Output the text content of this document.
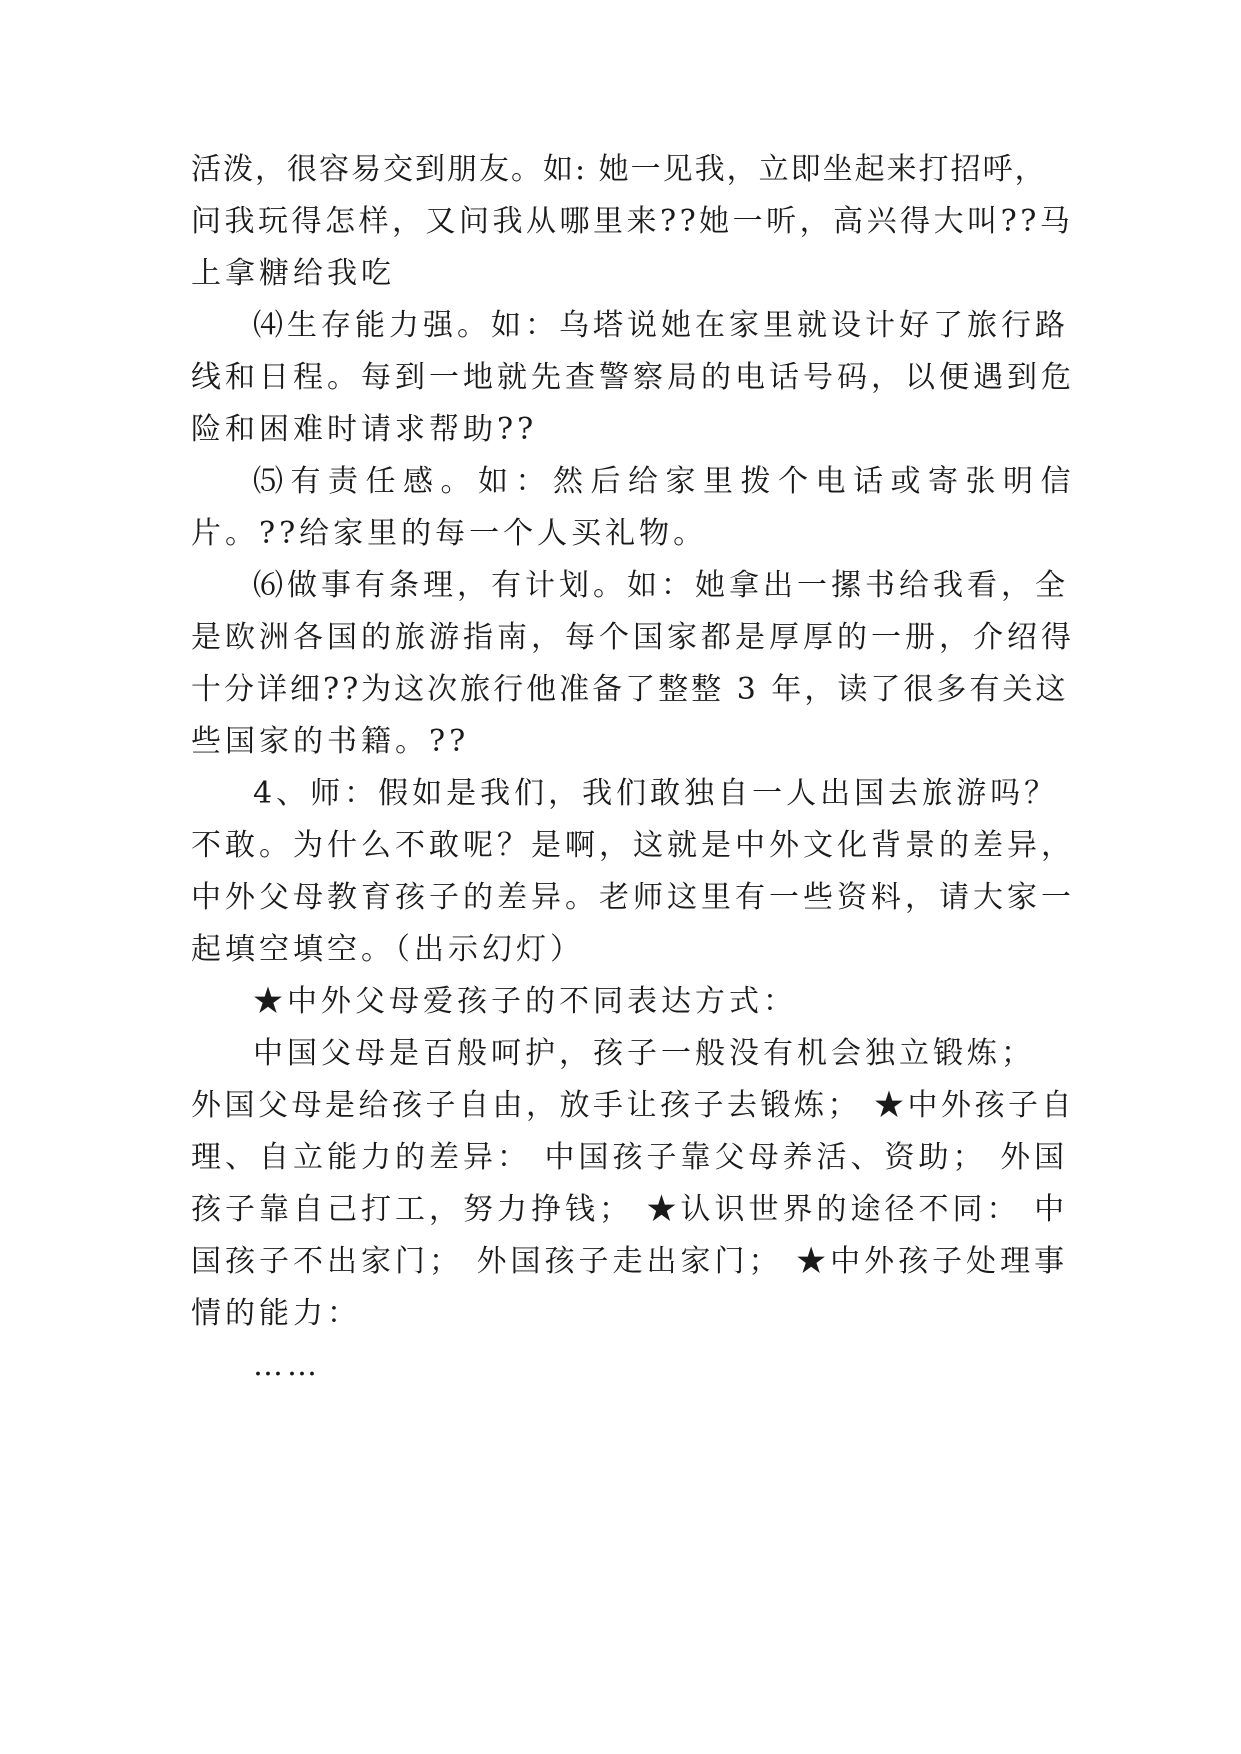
活泼，很容易交到朋友。如: 她一见我，立即坐起来打招呼，
问我玩得怎样，又问我从哪里来??她一听，高兴得大叫??马
上拿糖给我吃
⑷生存能力强。如：乌塔说她在家里就设计好了旅行路
线和日程。每到一地就先查警察局的电话号码，以便遇到危
险和困难时请求帮助??
⑸有责任感。如：然后给家里拨个电话或寄张明信
片。??给家里的每一个人买礼物。
⑹做事有条理，有计划。如：她拿出一摞书给我看，全
是欧洲各国的旅游指南，每个国家都是厚厚的一册，介绍得
十分详细??为这次旅行他准备了整整 3 年，读了很多有关这
些国家的书籍。??
4、师：假如是我们，我们敢独自一人出国去旅游吗？
不敢。为什么不敢呢？是啊，这就是中外文化背景的差异，
中外父母教育孩子的差异。老师这里有一些资料，请大家一
起填空填空。（出示幻灯）
★中外父母爱孩子的不同表达方式：
中国父母是百般呵护，孩子一般没有机会独立锻炼；
外国父母是给孩子自由，放手让孩子去锻炼； ★中外孩子自
理、自立能力的差异： 中国孩子靠父母养活、资助； 外国
孩子靠自己打工，努力挣钱； ★认识世界的途径不同： 中
国孩子不出家门； 外国孩子走出家门； ★中外孩子处理事
情的能力：
……
